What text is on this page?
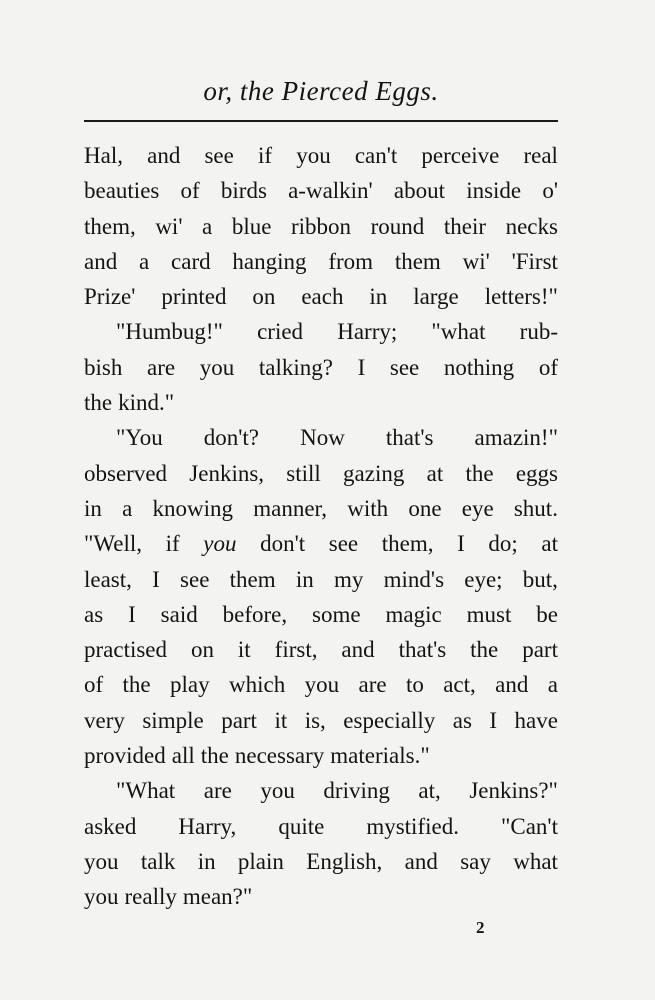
or, the Pierced Eggs.
Hal, and see if you can't perceive real
beauties of birds a-walkin' about inside o'
them, wi' a blue ribbon round their necks
and a card hanging from them wi' 'First
Prize' printed on each in large letters!"
"Humbug!" cried Harry; "what rub-
bish are you talking? I see nothing of
the kind."
"You don't? Now that's amazin!"
observed Jenkins, still gazing at the eggs
in a knowing manner, with one eye shut.
"Well, if you don't see them, I do; at
least, I see them in my mind's eye; but,
as I said before, some magic must be
practised on it first, and that's the part
of the play which you are to act, and a
very simple part it is, especially as I have
provided all the necessary materials."
"What are you driving at, Jenkins?"
asked Harry, quite mystified. "Can't
you talk in plain English, and say what
you really mean?"
2
